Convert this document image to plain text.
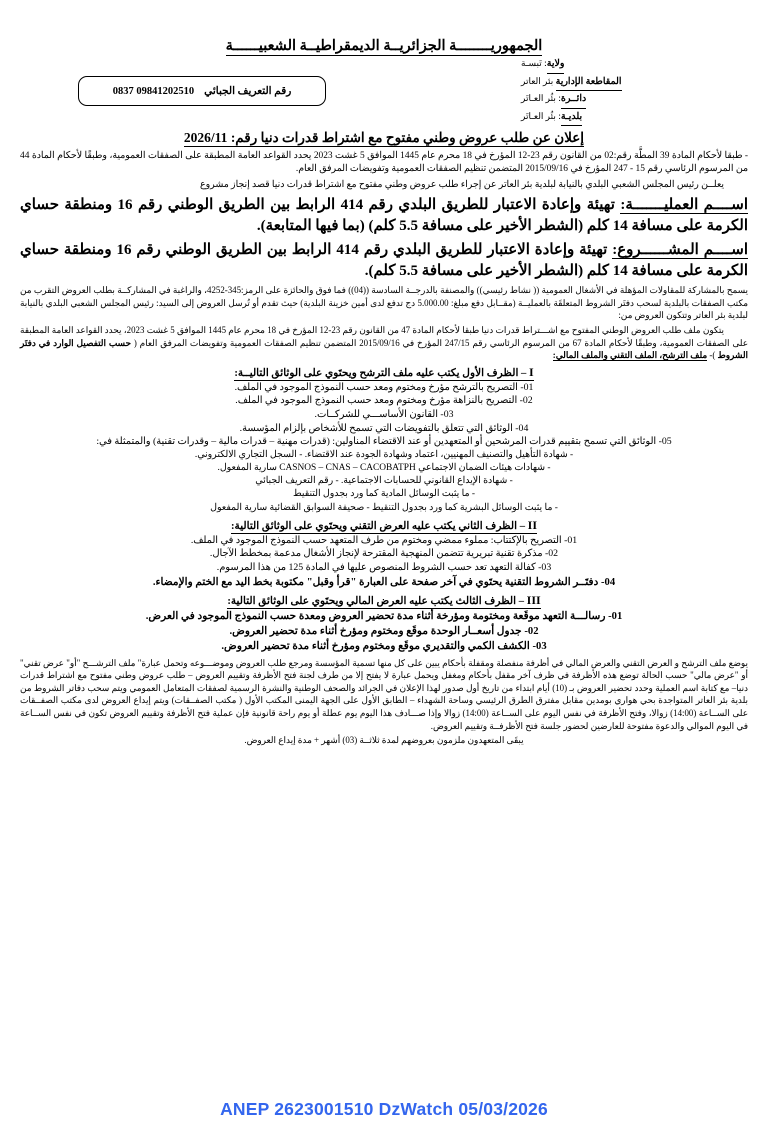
الجمهوريــــــــة الجزائريــة الديمقراطيــة الشعبيــــــة
ولاية: تَبسـة
المقاطعة الإدارية بئر العاتر
دائــرة: بئُر العـاتَر
بلديـة: بئُر العـاتَر
رقم التعريف الجبائي
09841202510 0837
إعلان عن طلب عروض وطني مفتوح مع اشتراط قدرات دنيا رقم: 2026/11

- طبقا لأحكام المادة 39 المطَّة رقم:02 من القانون رقم 23-12 المؤرخ في 18 محرم عام 1445 الموافق 5 غشت 2023 يحدد القواعد العامة المطبقة على الصفقات العمومية، وطبقًا لأحكام المادة 44 من المرسوم الرئاسي رقم 15 - 247 المؤرخ في 2015/09/16 المتضمن تنظيم الصفقات العمومية وتفويضات المرفق العام.

يعلــن رئيس المجلس الشعبي البلدي بالنيابة لبلدية بئر العاتر عن إجراء طلب عروض وطني مفتوح مع اشتراط قدرات دنيا قصد إنجاز مشروع

اســــم العمليـــــــة: تهيئة وإعادة الاعتبار للطريق البلدي رقم 414 الرابط بين الطريق الوطني رقم 16 ومنطقة حساي الكرمة على مسافة 14 كلم (الشطر الأخير على مسافة 5.5 كلم) (بما فيها المتابعة).

اســــم المشــــــروع: تهيئة وإعادة الاعتبار للطريق البلدي رقم 414 الرابط بين الطريق الوطني رقم 16 ومنطقة حساي الكرمة على مسافة 14 كلم (الشطر الأخير على مسافة 5.5 كلم).

يسمح بالمشاركة للمقاولات المؤهلة في الأشغال العمومية (( نشاط رئيسي)) والمصنفة بالدرجــة السادسة ((04)) فما فوق والحائزة على الرمز:345-4252، والراغبة في المشاركــة بطلب العروض التقرب من مكتب الصفقات بالبلدية لسحب دفتَر الشروط المتعلقَة بالعمليــة (مقــابل دفع مبلغ: 5.000.00 دج تدفع لدى أمين خزينة البلدية) حيث تقدم أو تُرسل العروض إلى السيد: رئيس المجلس الشعبي البلدي بالنيابة لبلدية بئر العاتر وتتكون العروض من:

يتكون ملف طلب العروض الوطني المفتوح مع اشـــتراط قدرات دنيا طبقا لأحكام المادة 47 من القانون رقم 23-12 المؤرخ في 18 محرم عام 1445 الموافق 5 غشت 2023، يحدد القواعد العامة المطبقة على الصفقات العمومية، وطبقًا لأحكام المادة 67 من المرسوم الرئاسي رقم 247/15 المؤرخ في 2015/09/16 المتضمن تنظيم الصفقات العمومية وتفويضات المرفق العام ( حسب التفصيل الوارد في دفتَر الشروط )- ملف الترشح، الملف التقني والملف المالي:

I – الظرف الأول يكتب عليه ملف الترشح ويحتَوي على الوثائق التاليــة:
01- التصريح بالترشح مؤرخ ومختوم ومعد حسب النموذج الموجود في الملف.
02- التصريح بالنزاهة مؤرخ ومختوم ومعد حسب النموذج الموجود في الملف.
03- القانون الأساســـي للشركــات.
04- الوثائق التي تتعلق بالتفويضات التي تسمح للأشخاص بإلزام المؤسسة.
05- الوثائق التي تسمح بتقييم قدرات المرشحين أو المتعهدين أو عند الاقتضاء المناولين: (قدرات مهنية – قدرات مالية – وقدرات تقنية) والمتمثلة في:
- شهادة التأهيل والتصنيف المهنيين، اعتماد وشهادة الجودة عند الاقتضاء. - السجل التجاري الالكتروني.
- شهادات هيئات الضمان الاجتماعي CASNOS – CNAS – CACOBATPH سارية المفعول.
- شهادة الإيداع القانوني للحسابات الاجتماعية. - رقم التعريف الجبائي
- ما يثبت الوسائل المادية كما ورد بجدول التنقيط
- ما يثبت الوسائل البشرية كما ورد بجدول التنقيط - صحيفة السوابق القضائية سارية المفعول
II – الظرف الثاني يكتب عليه العرض التقني ويحتَوي على الوثائق التالية:
01- التصريح بالإكتتاب: مملوء ممضي ومختوم من طرف المتعهد حسب النموذج الموجود في الملف.
02- مذكرة تقنية تبريرية تتضمن المنهجية المقترحة لإنجاز الأشغال مدعمة بمخطط الآجال.
03- كفالة التعهد تعد حسب الشروط المنصوص عليها في المادة 125 من هذا المرسوم.
04- دفتَــر الشروط التقنية يحتَوي في آخر صفحة على العبارة "قرأ وقبل" مكتوبة بخط اليد مع الختم والإمضاء.
III – الظرف الثالث يكتب عليه العرض المالي ويحتَوي على الوثائق التالية:
01- رسالـــة التعهد موقَعة ومختومة ومؤرخة أثناء مدة تحضير العروض ومعدة حسب النموذج الموجود في العرض.
02- جدول أسعــار الوحدة موقَع ومختوم ومؤرخ أثناء مدة تحضير العروض.
03- الكشف الكمي والتقديري موقَع ومختوم ومؤرخ أثناء مدة تحضير العروض.

يوضع ملف الترشح و العرض التقني والعرض المالي في أظرفة منفصلة ومقفلة بأحكام يبين على كل منها تسمية المؤسسة ومرجع طلب العروض وموضـــوعه وتحمل عبارة" ملف الترشـــح "أو" عرض تقني" أو "عرض مالي" حسب الحالة توضع هذه الأظرفة في ظرف آخر مقفل بأحكام ومغفل ويحمل عبارة لا يفتح إلا من طرف لجنة فتح الأظرفة وتقييم العروض – طلب عروض وطني مفتوح مع اشتراط قدرات دنيا– مع كتابة اسم العملية وحدد تحضير العروض بـ (10) أيام ابتداء من تاريخ أول صدور لهذا الإعلان في الجرائد والصحف الوطنية والنشرة الرسمية لصفقات المتعامل العمومي ويتم سحب دفاتر الشروط من بلدية بئر العاتر المتواجدة بحي هواري بومدين مقابل مفترق الطرق الرئيسي وساحة الشهداء – الطابق الأول على الجهة اليمنى المكتب الأول ( مكتب الصفــقات) ويتم إيداع العروض لدى مكتب الصفــقات على الســاعة (14:00) زوالا، وفتح الأظرفة في نفس اليوم على الســاعة (14:00) زوالا وإذا صـــادف هذا اليوم يوم عطلة أو يوم راحة قانونية فإن عملية فتح الأظرفة وتقييم العروض تكون في نفس الســاعة في اليوم الموالي والدعوة مفتوحة للعارضين لحضور جلسة فتح الأظرفــة وتقييم العروض.

يبقَى المتعهدون ملزمون بعروضهم لمدة ثلاثــة (03) أشهر + مدة إيداع العروض.

ANEP 2623001510 DzWatch 05/03/2026
